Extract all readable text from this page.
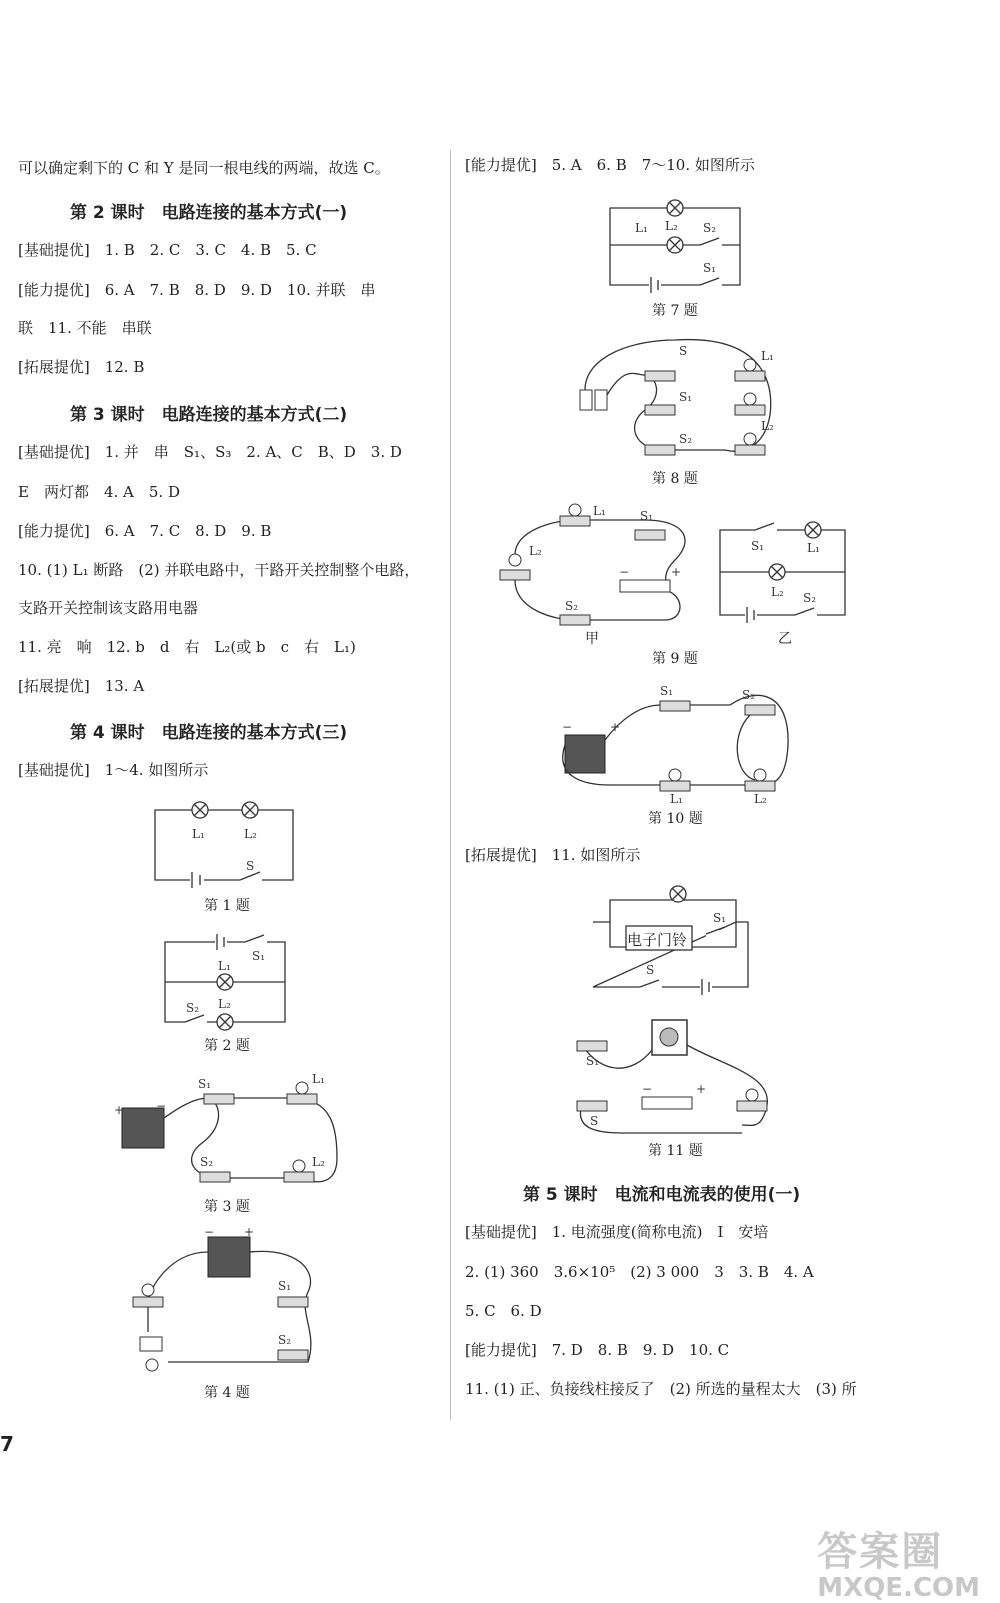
可以确定剩下的 C 和 Y 是同一根电线的两端，故选 C。
第 2 课时　电路连接的基本方式(一)
[基础提优]　1. B　2. C　3. C　4. B　5. C
[能力提优]　6. A　7. B　8. D　9. D　10. 并联　串
联　11. 不能　串联
[拓展提优]　12. B
第 3 课时　电路连接的基本方式(二)
[基础提优]　1. 并　串　S₁、S₃　2. A、C　B、D　3. D
E　两灯都　4. A　5. D
[能力提优]　6. A　7. C　8. D　9. B
10. (1) L₁ 断路　(2) 并联电路中，干路开关控制整个电路，
支路开关控制该支路用电器
11. 亮　响　12. b　d　右　L₂(或 b　c　右　L₁)
[拓展提优]　13. A
第 4 课时　电路连接的基本方式(三)
[基础提优]　1～4. 如图所示
L₁	L₂
S
第 1 题
S₁
L₁
S₂ L₂
第 2 题
+	−
S₁	L₁
S₂	L₂
第 3 题
− +
S₁
S₂
第 4 题
[能力提优]　5. A　6. B　7～10. 如图所示
L₁ L₂ S₂
S₁
第 7 题
S	L₁
S₁
L₂
S₂
第 8 题
L₁	S₁
L₂
−	+
S₂
甲
S₁	L₁
L₂ S₂
乙
第 9 题
S₁	S₂
+
−
L₁	L₂
第 10 题
[拓展提优]　11. 如图所示
S₁
S
电子门铃
S₁
−	+
S
第 11 题
第 5 课时　电流和电流表的使用(一)
[基础提优]　1. 电流强度(简称电流)　I　安培
2. (1) 360　3.6×10⁵　(2) 3 000　3　3. B　4. A
5. C　6. D
[能力提优]　7. D　8. B　9. D　10. C
11. (1) 正、负接线柱接反了　(2) 所选的量程太大　(3) 所
7
答案圈
MXQE.COM
